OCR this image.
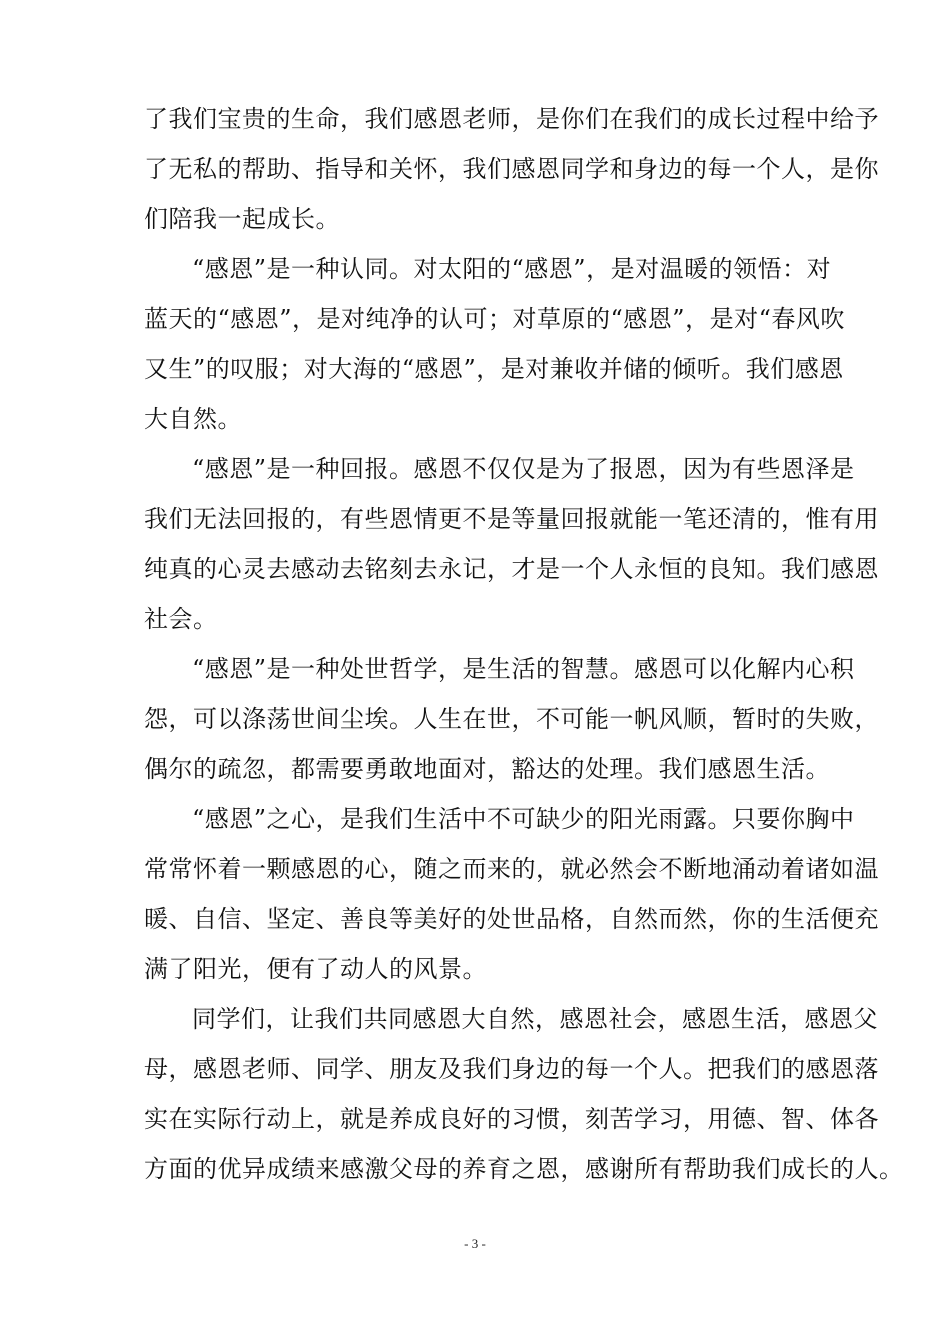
了我们宝贵的生命，我们感恩老师，是你们在我们的成长过程中给予
了无私的帮助、指导和关怀，我们感恩同学和身边的每一个人，是你
们陪我一起成长。
“感恩”是一种认同。对太阳的“感恩”，是对温暖的领悟：对
蓝天的“感恩”，是对纯净的认可；对草原的“感恩”，是对“春风吹
又生”的叹服；对大海的“感恩”，是对兼收并储的倾听。我们感恩
大自然。
“感恩”是一种回报。感恩不仅仅是为了报恩，因为有些恩泽是
我们无法回报的，有些恩情更不是等量回报就能一笔还清的，惟有用
纯真的心灵去感动去铭刻去永记，才是一个人永恒的良知。我们感恩
社会。
“感恩”是一种处世哲学，是生活的智慧。感恩可以化解内心积
怨，可以涤荡世间尘埃。人生在世，不可能一帆风顺，暂时的失败，
偶尔的疏忽，都需要勇敢地面对，豁达的处理。我们感恩生活。
“感恩”之心，是我们生活中不可缺少的阳光雨露。只要你胸中
常常怀着一颗感恩的心，随之而来的，就必然会不断地涌动着诸如温
暖、自信、坚定、善良等美好的处世品格，自然而然，你的生活便充
满了阳光，便有了动人的风景。
同学们，让我们共同感恩大自然，感恩社会，感恩生活，感恩父
母，感恩老师、同学、朋友及我们身边的每一个人。把我们的感恩落
实在实际行动上，就是养成良好的习惯，刻苦学习，用德、智、体各
方面的优异成绩来感激父母的养育之恩，感谢所有帮助我们成长的人。
- 3 -
